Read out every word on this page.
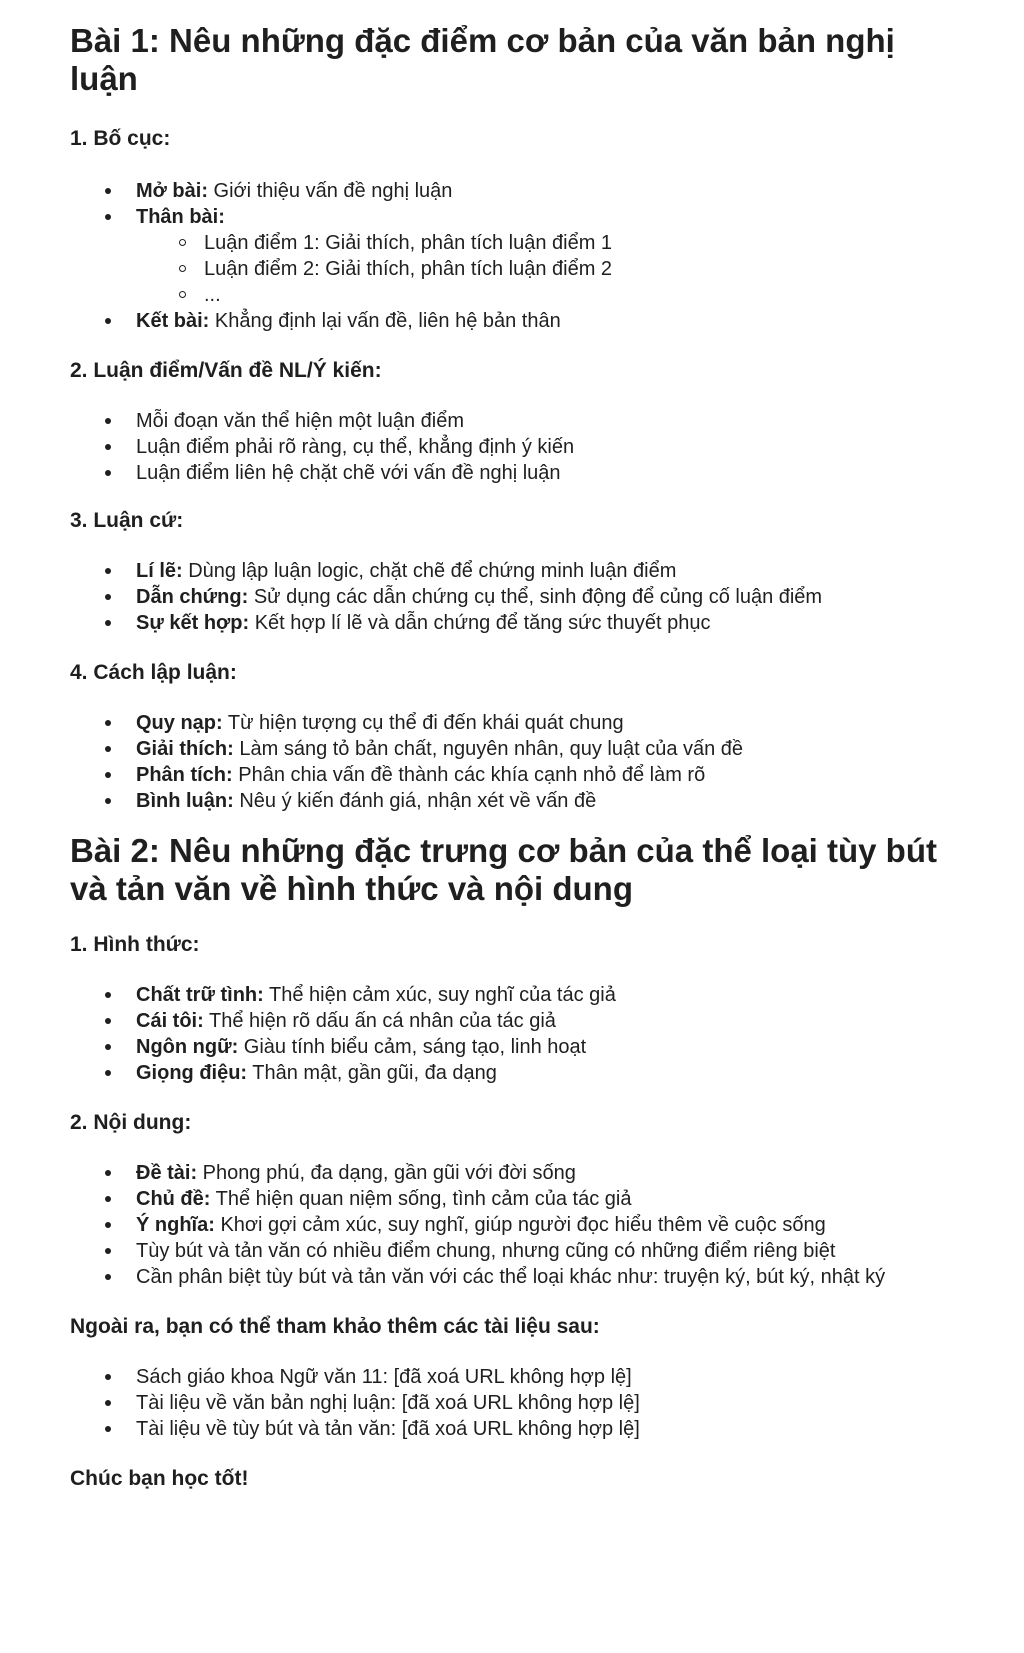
Bài 1: Nêu những đặc điểm cơ bản của văn bản nghị luận
1. Bố cục:
Mở bài: Giới thiệu vấn đề nghị luận
Thân bài:
Luận điểm 1: Giải thích, phân tích luận điểm 1
Luận điểm 2: Giải thích, phân tích luận điểm 2
...
Kết bài: Khẳng định lại vấn đề, liên hệ bản thân
2. Luận điểm/Vấn đề NL/Ý kiến:
Mỗi đoạn văn thể hiện một luận điểm
Luận điểm phải rõ ràng, cụ thể, khẳng định ý kiến
Luận điểm liên hệ chặt chẽ với vấn đề nghị luận
3. Luận cứ:
Lí lẽ: Dùng lập luận logic, chặt chẽ để chứng minh luận điểm
Dẫn chứng: Sử dụng các dẫn chứng cụ thể, sinh động để củng cố luận điểm
Sự kết hợp: Kết hợp lí lẽ và dẫn chứng để tăng sức thuyết phục
4. Cách lập luận:
Quy nạp: Từ hiện tượng cụ thể đi đến khái quát chung
Giải thích: Làm sáng tỏ bản chất, nguyên nhân, quy luật của vấn đề
Phân tích: Phân chia vấn đề thành các khía cạnh nhỏ để làm rõ
Bình luận: Nêu ý kiến đánh giá, nhận xét về vấn đề
Bài 2: Nêu những đặc trưng cơ bản của thể loại tùy bút và tản văn về hình thức và nội dung
1. Hình thức:
Chất trữ tình: Thể hiện cảm xúc, suy nghĩ của tác giả
Cái tôi: Thể hiện rõ dấu ấn cá nhân của tác giả
Ngôn ngữ: Giàu tính biểu cảm, sáng tạo, linh hoạt
Giọng điệu: Thân mật, gần gũi, đa dạng
2. Nội dung:
Đề tài: Phong phú, đa dạng, gần gũi với đời sống
Chủ đề: Thể hiện quan niệm sống, tình cảm của tác giả
Ý nghĩa: Khơi gợi cảm xúc, suy nghĩ, giúp người đọc hiểu thêm về cuộc sống
Tùy bút và tản văn có nhiều điểm chung, nhưng cũng có những điểm riêng biệt
Cần phân biệt tùy bút và tản văn với các thể loại khác như: truyện ký, bút ký, nhật ký

Ngoài ra, bạn có thể tham khảo thêm các tài liệu sau:

Sách giáo khoa Ngữ văn 11: [đã xoá URL không hợp lệ]
Tài liệu về văn bản nghị luận: [đã xoá URL không hợp lệ]
Tài liệu về tùy bút và tản văn: [đã xoá URL không hợp lệ]

Chúc bạn học tốt!
